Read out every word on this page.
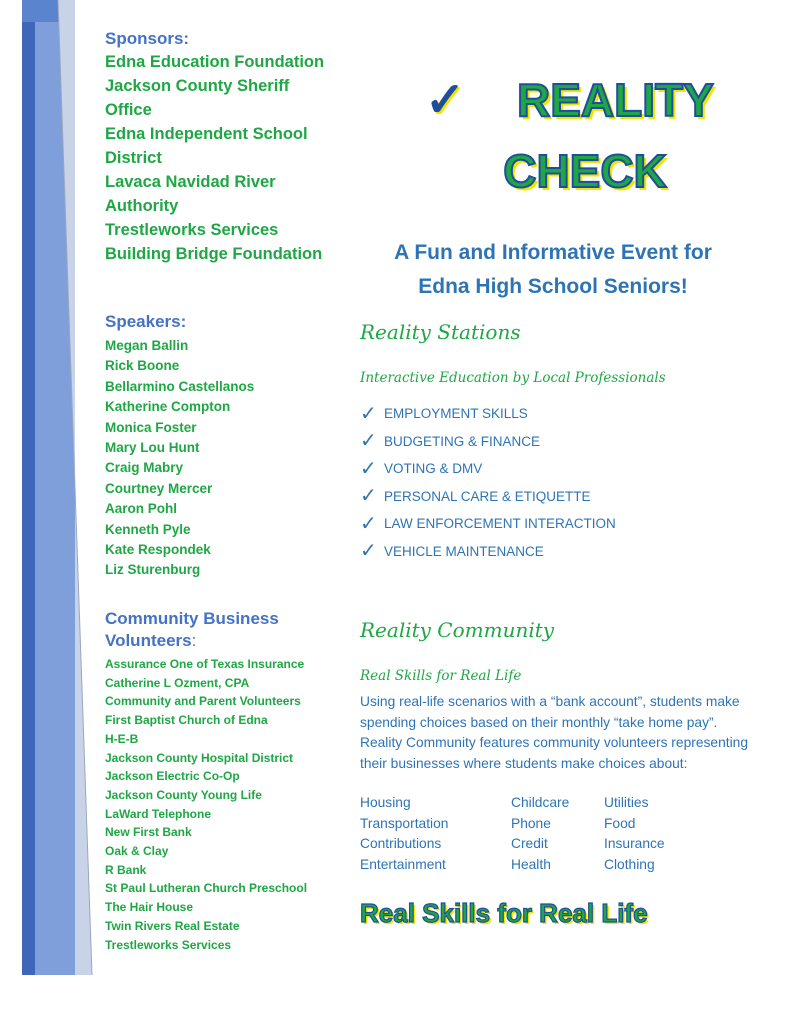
Sponsors:

Edna Education Foundation
Jackson County Sheriff
Office
Edna Independent School
District
Lavaca Navidad River
Authority
Trestleworks Services
Building Bridge Foundation

Speakers:

Megan Ballin
Rick Boone
Bellarmino Castellanos
Katherine Compton
Monica Foster
Mary Lou Hunt
Craig Mabry
Courtney Mercer
Aaron Pohl
Kenneth Pyle
Kate Respondek
Liz Sturenburg

Community Business
Volunteers:

Assurance One of Texas Insurance
Catherine L Ozment, CPA
Community and Parent Volunteers
First Baptist Church of Edna
H-E-B
Jackson County Hospital District
Jackson Electric Co-Op
Jackson County Young Life
LaWard Telephone
New First Bank
Oak & Clay
R Bank
St Paul Lutheran Church Preschool
The Hair House
Twin Rivers Real Estate
Trestleworks Services
✓	REALITY
CHECK
A Fun and Informative Event for
Edna High School Seniors!
Reality Stations
Interactive Education by Local Professionals
✓ EMPLOYMENT SKILLS
✓ BUDGETING & FINANCE
✓ VOTING & DMV
✓ PERSONAL CARE & ETIQUETTE
✓ LAW ENFORCEMENT INTERACTION
✓ VEHICLE MAINTENANCE
Reality Community
Real Skills for Real Life
Using real-life scenarios with a “bank account”, students make spending choices based on their monthly “take home pay”. Reality Community features community volunteers representing their businesses where students make choices about:
Housing	Childcare	Utilities
Transportation	Phone	Food
Contributions	Credit	Insurance
Entertainment	Health	Clothing
Real Skills for Real Life
